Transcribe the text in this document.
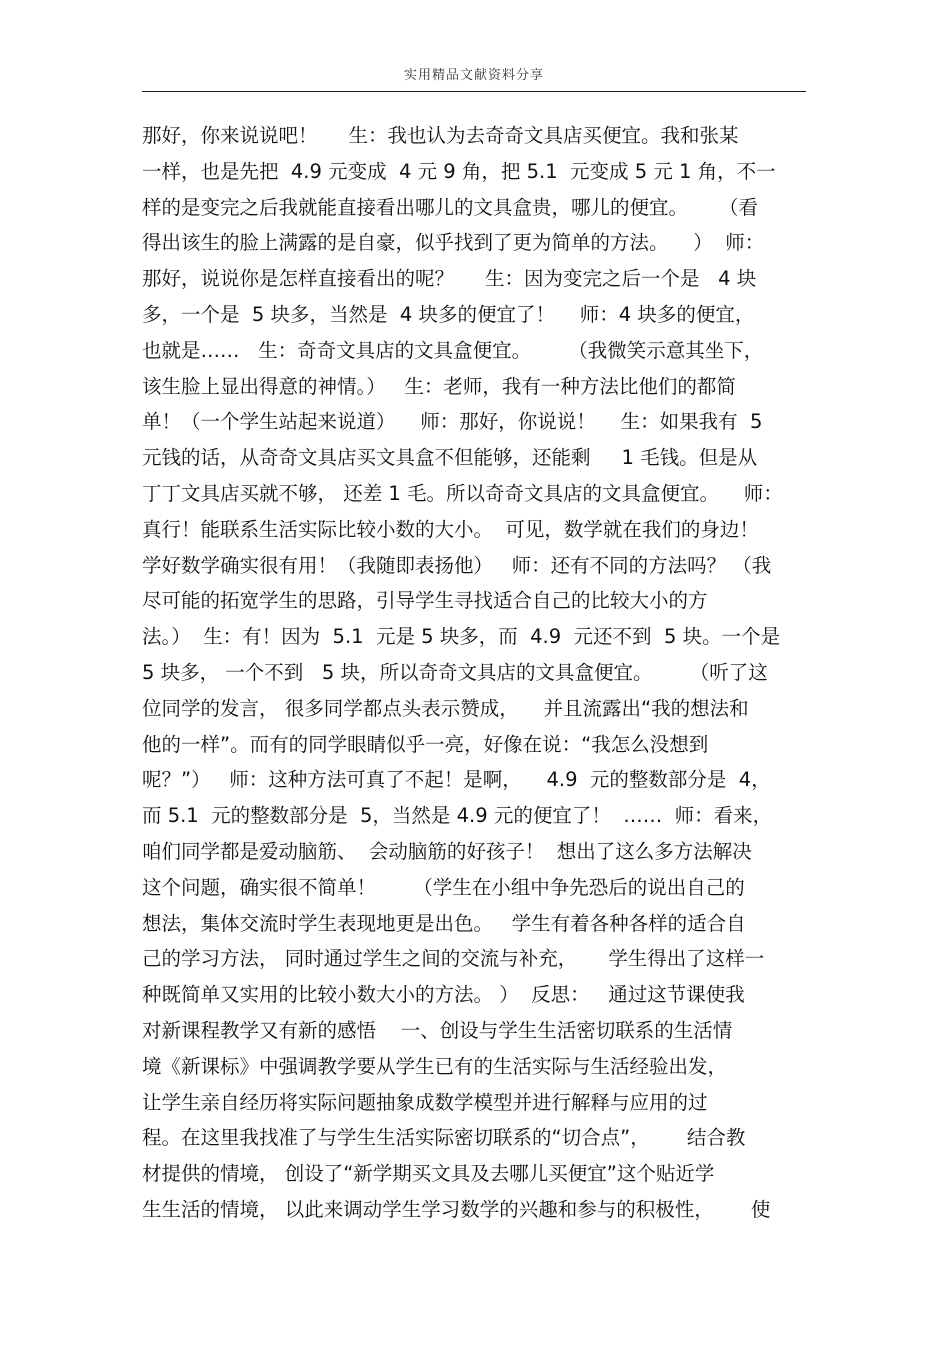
实用精品文献资料分享
那好，你来说说吧！     生：我也认为去奇奇文具店买便宜。我和张某
一样，也是先把  4.9 元变成  4 元 9 角，把 5.1  元变成 5 元 1 角，不一
样的是变完之后我就能直接看出哪儿的文具盒贵，哪儿的便宜。     （看
得出该生的脸上满露的是自豪，似乎找到了更为简单的方法。    ）  师：
那好，说说你是怎样直接看出的呢？     生：因为变完之后一个是   4 块
多，一个是  5 块多，当然是  4 块多的便宜了！    师：4 块多的便宜，
也就是……   生：奇奇文具店的文具盒便宜。      （我微笑示意其坐下，
该生脸上显出得意的神情。）   生：老师，我有一种方法比他们的都简
单！（一个学生站起来说道）    师：那好，你说说！    生：如果我有  5
元钱的话，从奇奇文具店买文具盒不但能够，还能剩     1 毛钱。但是从
丁丁文具店买就不够， 还差 1 毛。所以奇奇文具店的文具盒便宜。    师：
真行！能联系生活实际比较小数的大小。  可见，数学就在我们的身边！
学好数学确实很有用！（我随即表扬他）   师：还有不同的方法吗？ （我
尽可能的拓宽学生的思路，引导学生寻找适合自己的比较大小的方
法。）  生：有！因为  5.1  元是 5 块多，而  4.9  元还不到  5 块。一个是
5 块多， 一个不到   5 块，所以奇奇文具店的文具盒便宜。      （听了这
位同学的发言， 很多同学都点头表示赞成，    并且流露出“我的想法和
他的一样”。而有的同学眼睛似乎一亮，好像在说：“我怎么没想到
呢？”）   师：这种方法可真了不起！是啊，    4.9  元的整数部分是  4，
而 5.1  元的整数部分是  5，当然是 4.9 元的便宜了！  ……  师：看来，
咱们同学都是爱动脑筋、  会动脑筋的好孩子！  想出了这么多方法解决
这个问题，确实很不简单！      （学生在小组中争先恐后的说出自己的
想法，集体交流时学生表现地更是出色。   学生有着各种各样的适合自
己的学习方法， 同时通过学生之间的交流与补充，     学生得出了这样一
种既简单又实用的比较小数大小的方法。 ）  反思：   通过这节课使我
对新课程教学又有新的感悟    一、创设与学生生活密切联系的生活情
境《新课标》中强调教学要从学生已有的生活实际与生活经验出发，
让学生亲自经历将实际问题抽象成数学模型并进行解释与应用的过
程。在这里我找准了与学生生活实际密切联系的“切合点”，      结合教
材提供的情境， 创设了“新学期买文具及去哪儿买便宜”这个贴近学
生生活的情境， 以此来调动学生学习数学的兴趣和参与的积极性，      使
